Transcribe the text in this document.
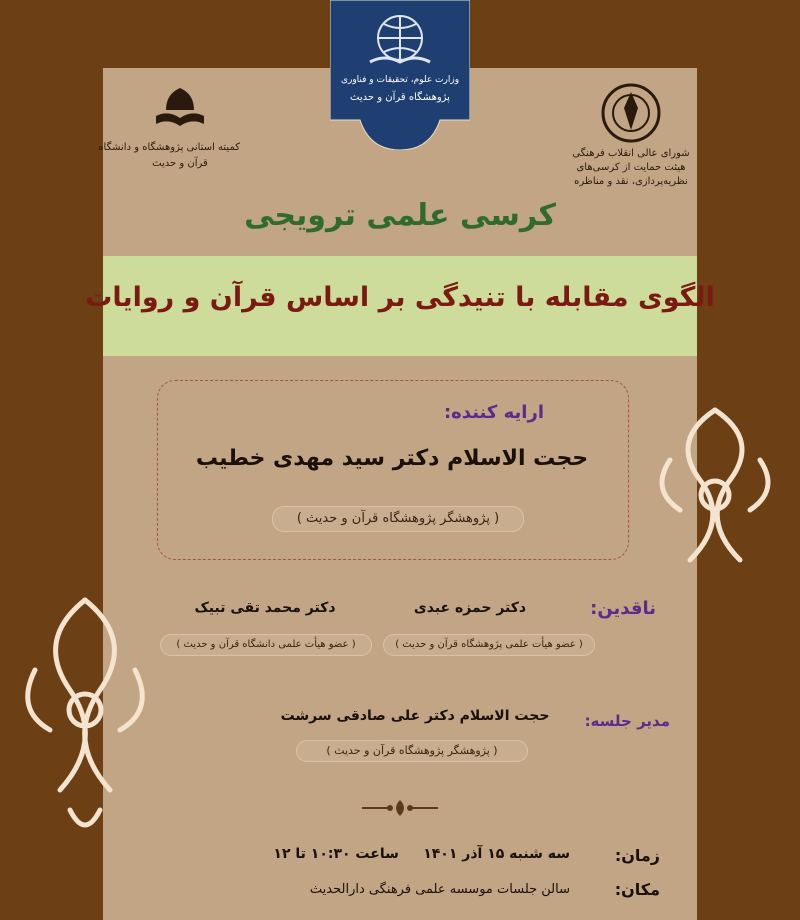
وزارت علوم، تحقیقات و فناوری
پژوهشگاه قرآن و حدیث
کمیته استانی پژوهشگاه و دانشگاه
قرآن و حدیث
شورای عالی انقلاب فرهنگی
هیئت حمایت از کرسی‌های
نظریه‌پردازی، نقد و مناظره
کرسی علمی ترویجی
الگوی مقابله با تنیدگی بر اساس قرآن و روایات
ارایه کننده:
حجت الاسلام دکتر سید مهدی خطیب
( پژوهشگر پژوهشگاه قرآن و حدیث )
ناقدین:
دکتر حمزه عبدی
( عضو هیأت علمی پژوهشگاه قرآن و حدیث )
دکتر محمد تقی تبیک
( عضو هیأت علمی دانشگاه قرآن و حدیث )
مدیر جلسه:
حجت الاسلام دکتر علی صادقی سرشت
( پژوهشگر پژوهشگاه قرآن و حدیث )
زمان:
سه شنبه ۱۵ آذر ۱۴۰۱     ساعت ۱۰:۳۰ تا ۱۲
مکان:
سالن جلسات موسسه علمی فرهنگی دارالحدیث
